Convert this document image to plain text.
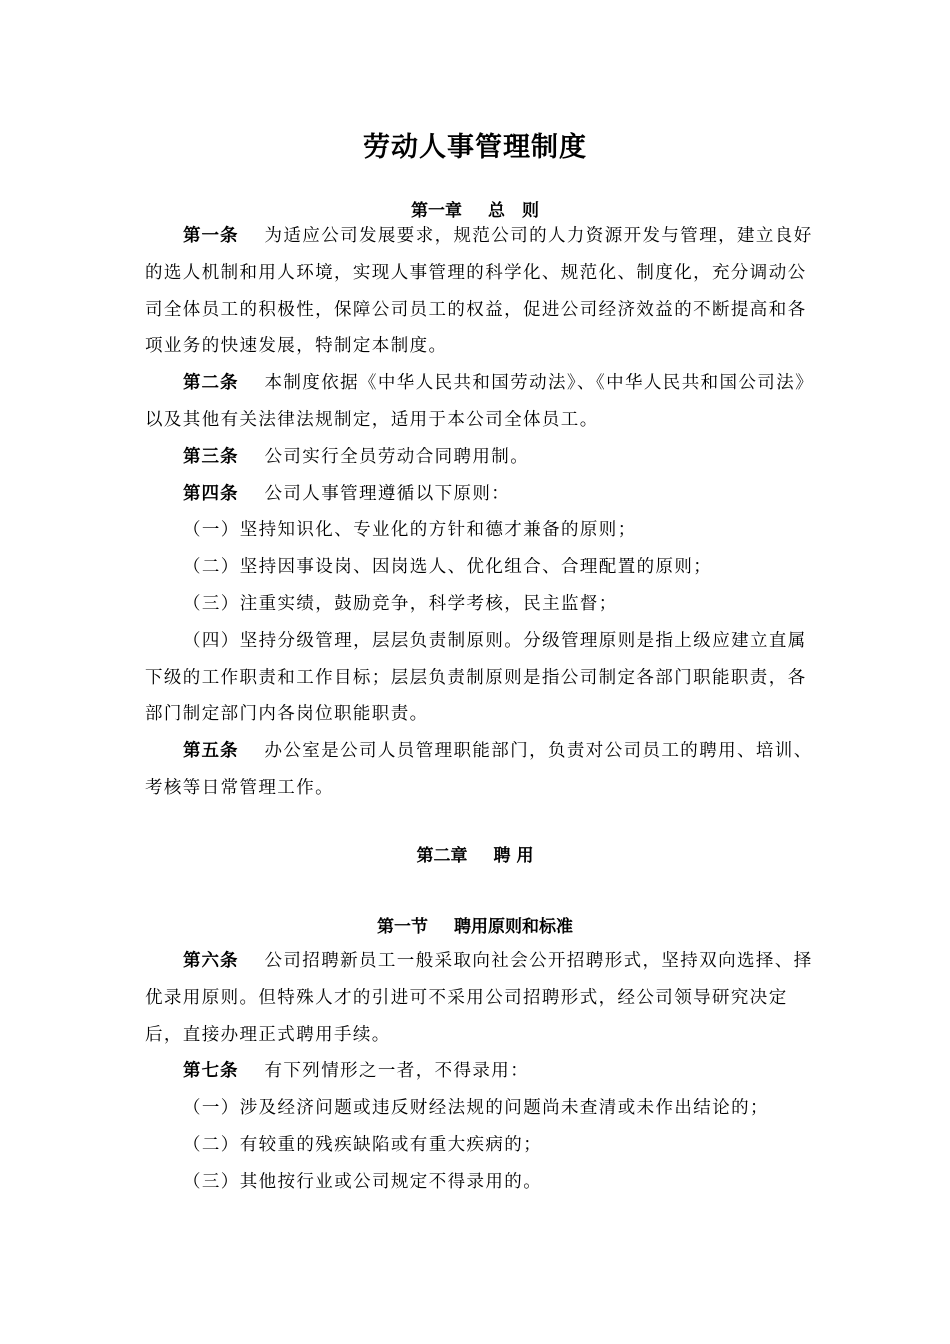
劳动人事管理制度
第一章 总　则

第一条 为适应公司发展要求，规范公司的人力资源开发与管理，建立良好的选人机制和用人环境，实现人事管理的科学化、规范化、制度化，充分调动公司全体员工的积极性，保障公司员工的权益，促进公司经济效益的不断提高和各项业务的快速发展，特制定本制度。

第二条 本制度依据《中华人民共和国劳动法》、《中华人民共和国公司法》 以及其他有关法律法规制定，适用于本公司全体员工。

第三条 公司实行全员劳动合同聘用制。

第四条 公司人事管理遵循以下原则：

（一）坚持知识化、专业化的方针和德才兼备的原则；

（二）坚持因事设岗、因岗选人、优化组合、合理配置的原则；

（三）注重实绩，鼓励竞争，科学考核，民主监督；

（四）坚持分级管理，层层负责制原则。分级管理原则是指上级应建立直属下级的工作职责和工作目标；层层负责制原则是指公司制定各部门职能职责，各部门制定部门内各岗位职能职责。

第五条 办公室是公司人员管理职能部门，负责对公司员工的聘用、培训、考核等日常管理工作。

第二章 聘 用
第一节 聘用原则和标准

第六条 公司招聘新员工一般采取向社会公开招聘形式，坚持双向选择、择优录用原则。但特殊人才的引进可不采用公司招聘形式，经公司领导研究决定后，直接办理正式聘用手续。

第七条 有下列情形之一者，不得录用：

（一）涉及经济问题或违反财经法规的问题尚未查清或未作出结论的；

（二）有较重的残疾缺陷或有重大疾病的；

（三）其他按行业或公司规定不得录用的。
